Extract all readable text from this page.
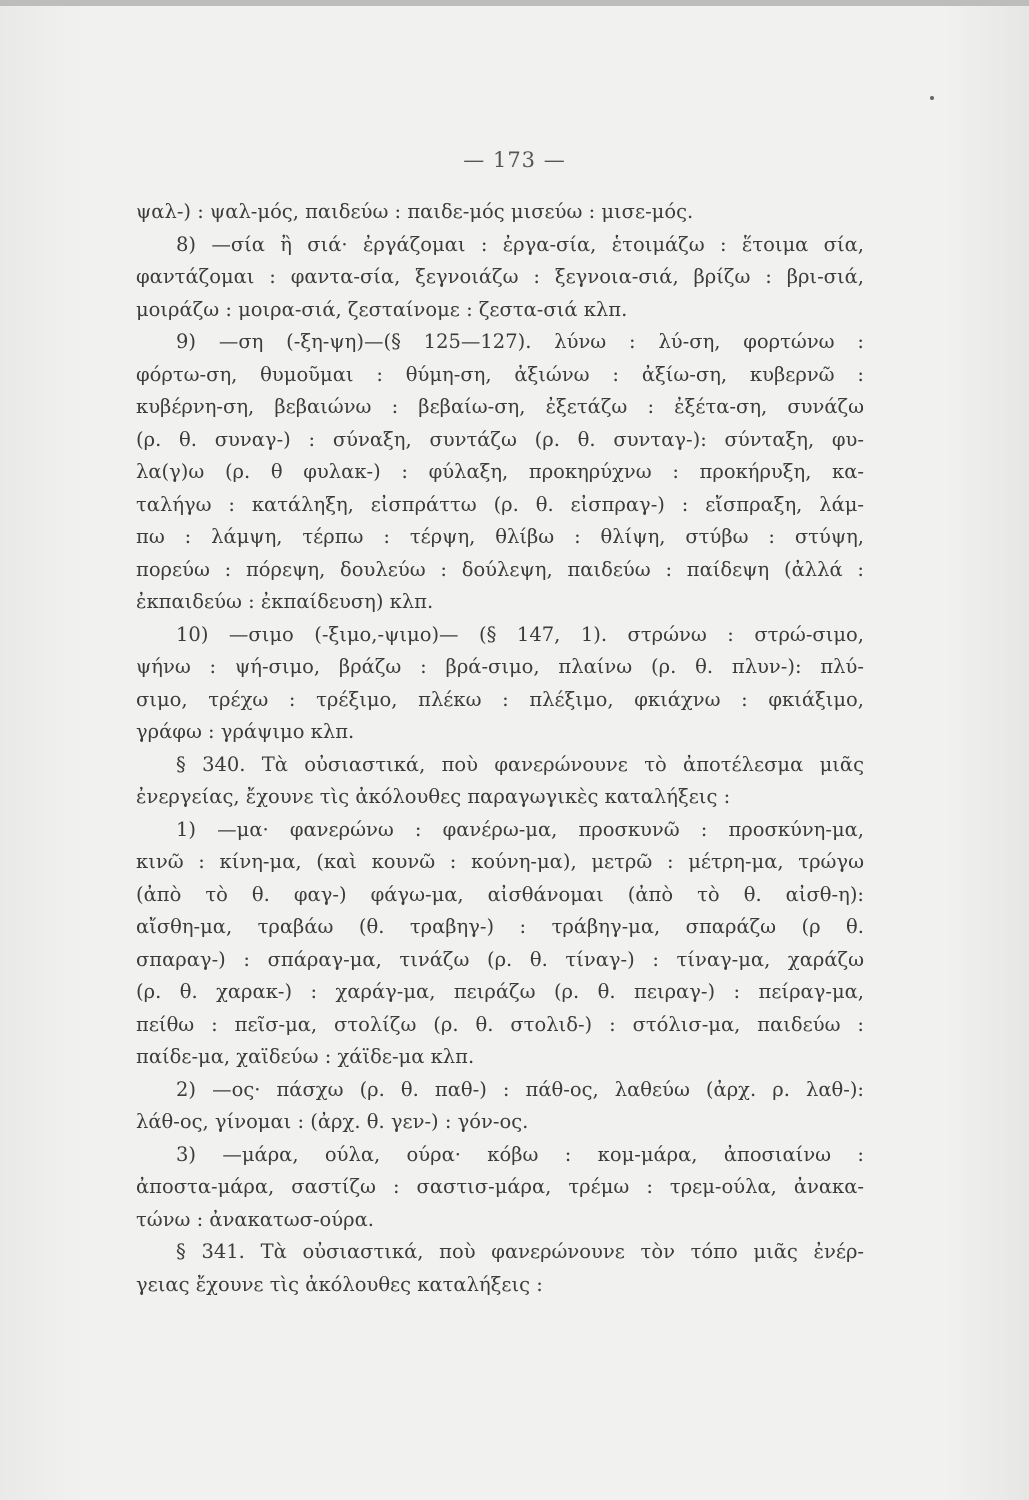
— 173 —
ψαλ-) : ψαλ-μός, παιδεύω : παιδε-μός μισεύω : μισε-μός.
8) —σία ἢ σιά· ἐργάζομαι : ἐργα-σία, ἑτοιμάζω : ἕτοιμα σία,
φαντάζομαι : φαντα-σία, ξεγνοιάζω : ξεγνοια-σιά, βρίζω : βρι-σιά,
μοιράζω : μοιρα-σιά, ζεσταίνομε : ζεστα-σιά κλπ.
9) —ση (-ξη-ψη)—(§ 125—127). λύνω : λύ-ση, φορτώνω :
φόρτω-ση, θυμοῦμαι : θύμη-ση, ἀξιώνω : ἀξίω-ση, κυβερνῶ :
κυβέρνη-ση, βεβαιώνω : βεβαίω-ση, ἐξετάζω : ἐξέτα-ση, συνάζω
(ρ. θ. συναγ-) : σύναξη, συντάζω (ρ. θ. συνταγ-): σύνταξη, φυ-
λα(γ)ω (ρ. θ φυλακ-) : φύλαξη, προκηρύχνω : προκήρυξη, κα-
ταλήγω : κατάληξη, εἰσπράττω (ρ. θ. εἰσπραγ-) : εἴσπραξη, λάμ-
πω : λάμψη, τέρπω : τέρψη, θλίβω : θλίψη, στύβω : στύψη,
πορεύω : πόρεψη, δουλεύω : δούλεψη, παιδεύω : παίδεψη (ἀλλά :
ἐκπαιδεύω : ἐκπαίδευση) κλπ.
10) —σιμο (-ξιμο,-ψιμο)— (§ 147, 1). στρώνω : στρώ-σιμο,
ψήνω : ψή-σιμο, βράζω : βρά-σιμο, πλαίνω (ρ. θ. πλυν-): πλύ-
σιμο, τρέχω : τρέξιμο, πλέκω : πλέξιμο, φκιάχνω : φκιάξιμο,
γράφω : γράψιμο κλπ.
§ 340. Τὰ οὐσιαστικά, ποὺ φανερώνουνε τὸ ἀποτέλεσμα μιᾶς
ἐνεργείας, ἔχουνε τὶς ἀκόλουθες παραγωγικὲς καταλήξεις :
1) —μα· φανερώνω : φανέρω-μα, προσκυνῶ : προσκύνη-μα,
κινῶ : κίνη-μα, (καὶ κουνῶ : κούνη-μα), μετρῶ : μέτρη-μα, τρώγω
(ἀπὸ τὸ θ. φαγ-) φάγω-μα, αἰσθάνομαι (ἀπὸ τὸ θ. αἰσθ-η):
αἴσθη-μα, τραβάω (θ. τραβηγ-) : τράβηγ-μα, σπαράζω (ρ θ.
σπαραγ-) : σπάραγ-μα, τινάζω (ρ. θ. τίναγ-) : τίναγ-μα, χαράζω
(ρ. θ. χαρακ-) : χαράγ-μα, πειράζω (ρ. θ. πειραγ-) : πείραγ-μα,
πείθω : πεῖσ-μα, στολίζω (ρ. θ. στολιδ-) : στόλισ-μα, παιδεύω :
παίδε-μα, χαϊδεύω : χάϊδε-μα κλπ.
2) —ος· πάσχω (ρ. θ. παθ-) : πάθ-ος, λαθεύω (ἀρχ. ρ. λαθ-):
λάθ-ος, γίνομαι : (ἀρχ. θ. γεν-) : γόν-ος.
3) —μάρα, ούλα, ούρα· κόβω : κομ-μάρα, ἀποσιαίνω :
ἀποστα-μάρα, σαστίζω : σαστισ-μάρα, τρέμω : τρεμ-ούλα, ἀνακα-
τώνω : ἀνακατωσ-ούρα.
§ 341. Τὰ οὐσιαστικά, ποὺ φανερώνουνε τὸν τόπο μιᾶς ἐνέρ-
γειας ἔχουνε τὶς ἀκόλουθες καταλήξεις :
